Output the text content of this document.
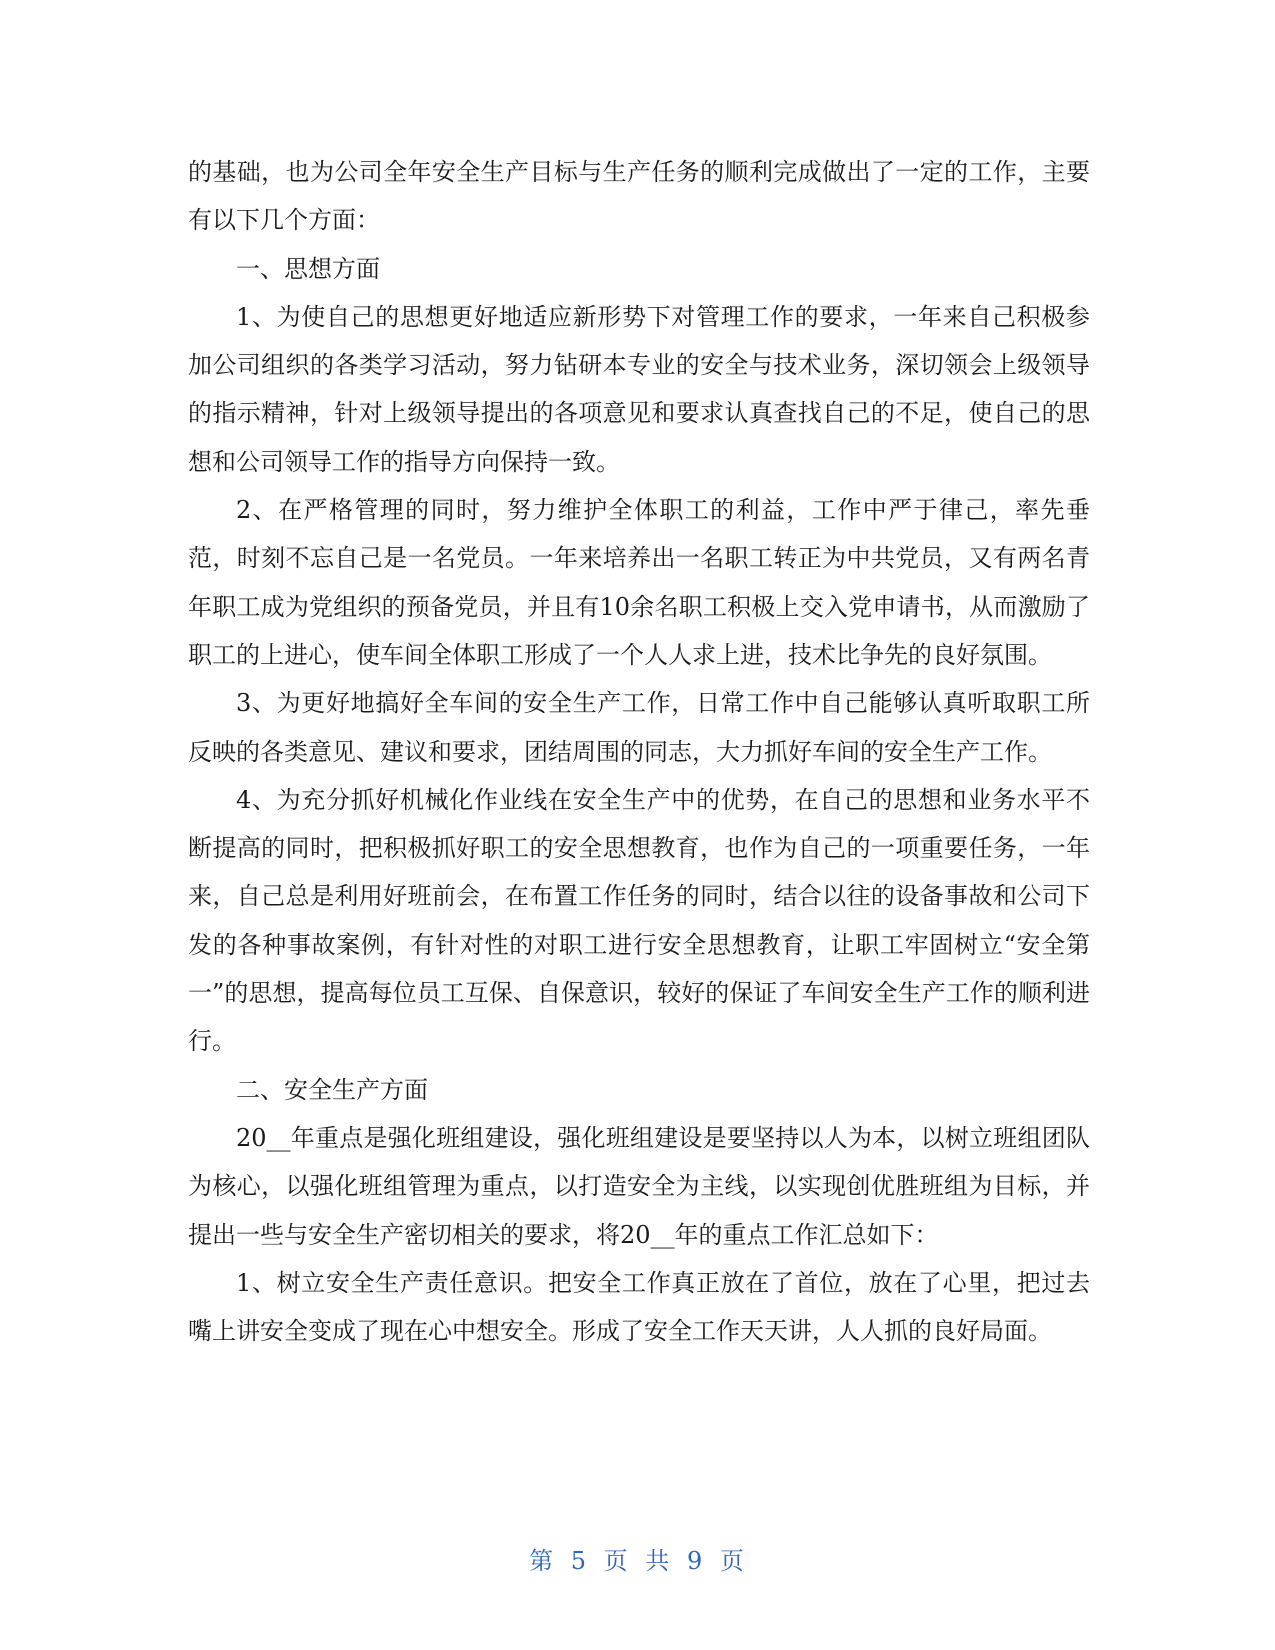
的基础，也为公司全年安全生产目标与生产任务的顺利完成做出了一定的工作，主要有以下几个方面：

一、思想方面

1、为使自己的思想更好地适应新形势下对管理工作的要求，一年来自己积极参加公司组织的各类学习活动，努力钻研本专业的安全与技术业务，深切领会上级领导的指示精神，针对上级领导提出的各项意见和要求认真查找自己的不足，使自己的思想和公司领导工作的指导方向保持一致。

2、在严格管理的同时，努力维护全体职工的利益，工作中严于律己，率先垂范，时刻不忘自己是一名党员。一年来培养出一名职工转正为中共党员，又有两名青年职工成为党组织的预备党员，并且有10余名职工积极上交入党申请书，从而激励了职工的上进心，使车间全体职工形成了一个人人求上进，技术比争先的良好氛围。

3、为更好地搞好全车间的安全生产工作，日常工作中自己能够认真听取职工所反映的各类意见、建议和要求，团结周围的同志，大力抓好车间的安全生产工作。

4、为充分抓好机械化作业线在安全生产中的优势，在自己的思想和业务水平不断提高的同时，把积极抓好职工的安全思想教育，也作为自己的一项重要任务，一年来，自己总是利用好班前会，在布置工作任务的同时，结合以往的设备事故和公司下发的各种事故案例，有针对性的对职工进行安全思想教育，让职工牢固树立“安全第一”的思想，提高每位员工互保、自保意识，较好的保证了车间安全生产工作的顺利进行。

二、安全生产方面

20__年重点是强化班组建设，强化班组建设是要坚持以人为本，以树立班组团队为核心，以强化班组管理为重点，以打造安全为主线，以实现创优胜班组为目标，并提出一些与安全生产密切相关的要求，将20__年的重点工作汇总如下：

1、树立安全生产责任意识。把安全工作真正放在了首位，放在了心里，把过去嘴上讲安全变成了现在心中想安全。形成了安全工作天天讲，人人抓的良好局面。

第 5 页 共 9 页
